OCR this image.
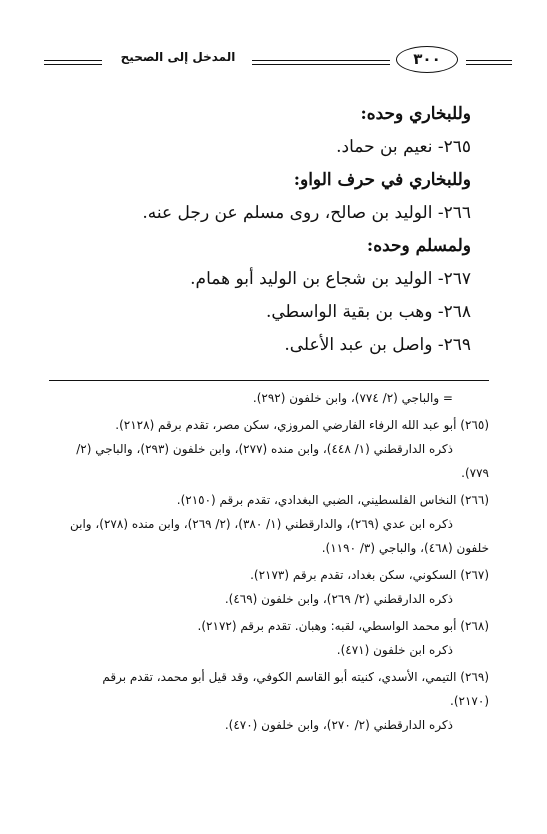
المدخل إلى الصحيح	٣٠٠
وللبخاري وحده:
٢٦٥- نعيم بن حماد.
وللبخاري في حرف الواو:
٢٦٦- الوليد بن صالح، روى مسلم عن رجل عنه.
ولمسلم وحده:
٢٦٧- الوليد بن شجاع بن الوليد أبو همام.
٢٦٨- وهب بن بقية الواسطي.
٢٦٩- واصل بن عبد الأعلى.
= والباجي (٢/ ٧٧٤)، وابن خلفون (٢٩٢).
(٢٦٥) أبو عبد الله الرفاء الفارضي المروزي، سكن مصر، تقدم برقم (٢١٢٨).
ذكره الدارقطني (١/ ٤٤٨)، وابن منده (٢٧٧)، وابن خلفون (٢٩٣)، والباجي (٢/
٧٧٩).
(٢٦٦) النخاس الفلسطيني، الضبي البغدادي، تقدم برقم (٢١٥٠).
ذكره ابن عدي (٢٦٩)، والدارقطني (١/ ٣٨٠)، (٢/ ٢٦٩)، وابن منده (٢٧٨)، وابن
خلفون (٤٦٨)، والباجي (٣/ ١١٩٠).
(٢٦٧) السكوني، سكن بغداد، تقدم برقم (٢١٧٣).
ذكره الدارقطني (٢/ ٢٦٩)، وابن خلفون (٤٦٩).
(٢٦٨) أبو محمد الواسطي، لقبه: وهبان. تقدم برقم (٢١٧٢).
ذكره ابن خلفون (٤٧١).
(٢٦٩) التيمي، الأسدي، كنيته أبو القاسم الكوفي، وقد قيل أبو محمد، تقدم برقم
(٢١٧٠).
ذكره الدارقطني (٢/ ٢٧٠)، وابن خلفون (٤٧٠).
